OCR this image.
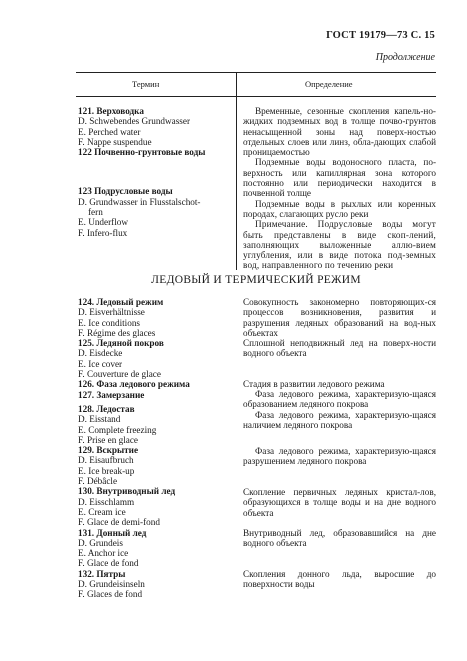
ГОСТ 19179—73 С. 15
Продолжение
Термин	Определение
121. Верховодка
D. Schwebendes Grundwasser
E. Perched water
F. Nappe suspendue
122 Почвенно-грунтовые воды
123 Подрусловые воды
D. Grundwasser in Flusstalschot-
fern
E. Underflow
F. Infero-flux
Временные, сезонные скопления капель-но-жидких подземных вод в толще почво-грунтов ненасыщенной зоны над поверх-ностью отдельных слоев или линз, обла-дающих слабой проницаемостью
Подземные воды водоносного пласта, по-верхность или капиллярная зона которого постоянно или периодически находится в почвенной толще
Подземные воды в рыхлых или коренных породах, слагающих русло реки
Примечание. Подрусловые воды могут быть представлены в виде скоп-лений, заполняющих выложенные аллю-вием углубления, или в виде потока под-земных вод, направленного по течению реки
ЛЕДОВЫЙ И ТЕРМИЧЕСКИЙ РЕЖИМ
124. Ледовый режим
D. Eisverhältnisse
E. Ice conditions
F. Régime des glaces
125. Ледяной покров
D. Eisdecke
E. Ice cover
F. Couverture de glace
126. Фаза ледового режима
127. Замерзание
128. Ледостав
D. Eisstand
E. Complete freezing
F. Prise en glace
129. Вскрытие
D. Eisaufbruch
E. Ice break-up
F. Débâcle
130. Внутриводный лед
D. Eisschlamm
E. Cream ice
F. Glace de demi-fond
131. Донный лед
D. Grundeis
E. Anchor ice
F. Glace de fond
132. Пятры
D. Grundeisinseln
F. Glaces de fond
Совокупность закономерно повторяющих-ся процессов возникновения, развития и разрушения ледяных образований на вод-ных объектах
Сплошной неподвижный лед на поверх-ности водного объекта
Стадия в развитии ледового режима
Фаза ледового режима, характеризую-щаяся образованием ледяного покрова
Фаза ледового режима, характеризую-щаяся наличием ледяного покрова
Фаза ледового режима, характеризую-щаяся разрушением ледяного покрова
Скопление первичных ледяных кристал-лов, образующихся в толще воды и на дне водного объекта
Внутриводный лед, образовавшийся на дне водного объекта
Скопления донного льда, выросшие до поверхности воды
